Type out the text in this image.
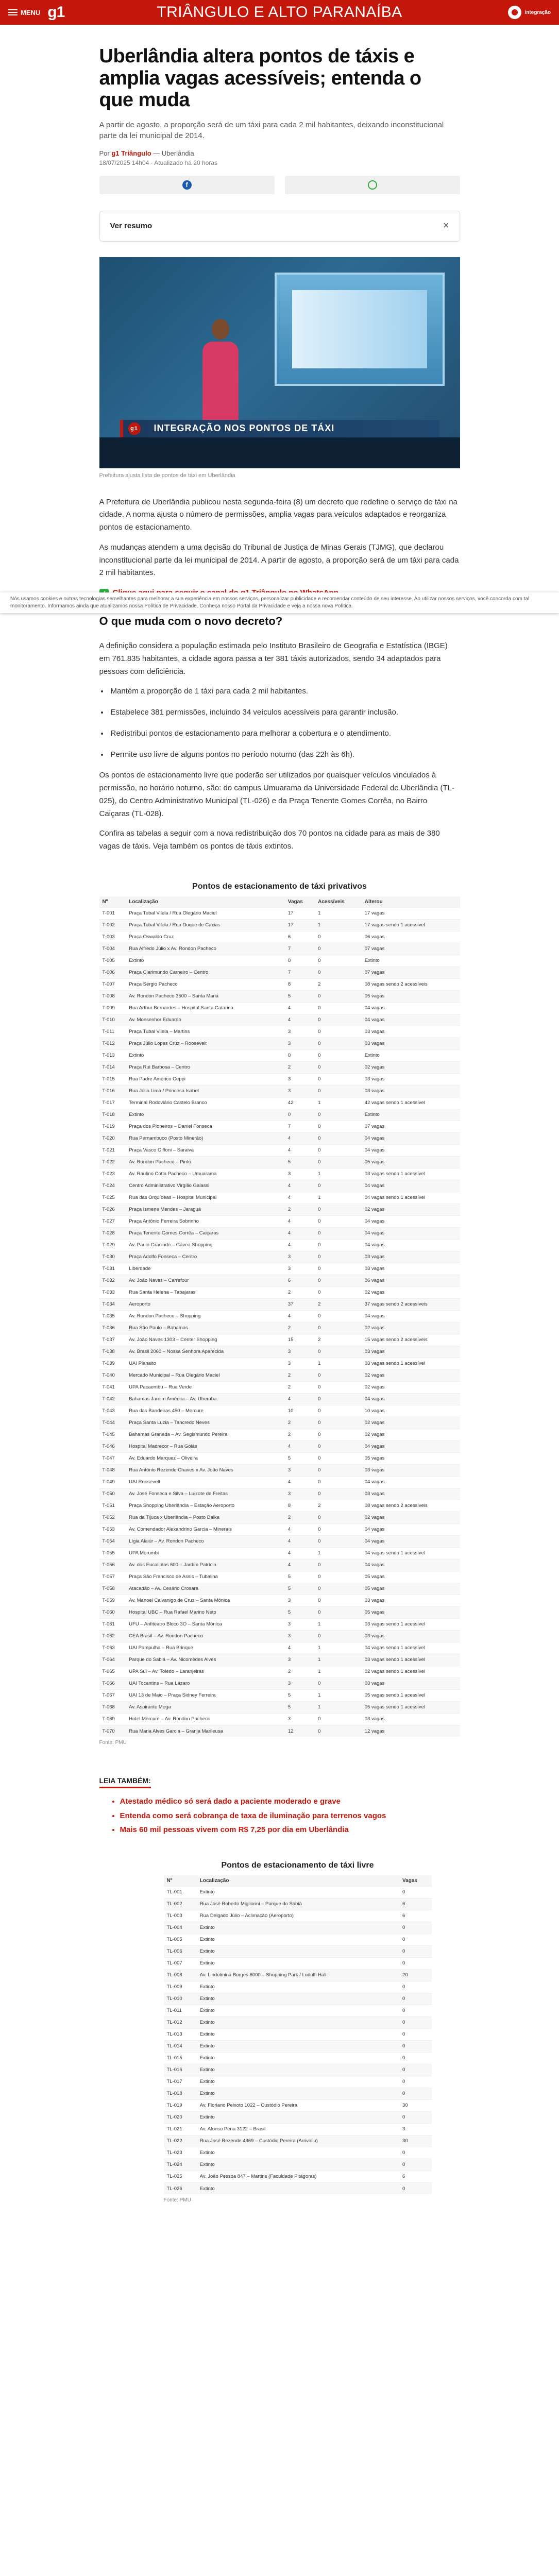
MENU g1	TRIÂNGULO E ALTO PARANAÍBA	integração
Nós usamos cookies e outras tecnologias semelhantes para melhorar a sua experiência em nossos serviços, personalizar publicidade e recomendar conteúdo de seu interesse. Ao utilizar nossos serviços, você concorda com tal monitoramento. Informamos ainda que atualizamos nossa Política de Privacidade. Conheça nosso Portal da Privacidade e veja a nossa nova Política.
Uberlândia altera pontos de táxis e amplia vagas acessíveis; entenda o que muda

A partir de agosto, a proporção será de um táxi para cada 2 mil habitantes, deixando inconstitucional parte da lei municipal de 2014.

Por g1 Triângulo — Uberlândia
18/07/2025 14h04 · Atualizado há 20 horas
f
Ver resumo	×
g1 INTEGRAÇÃO NOS PONTOS DE TÁXI
Prefeitura ajusta lista de pontos de táxi em Uberlândia

A Prefeitura de Uberlândia publicou nesta segunda-feira (8) um decreto que redefine o serviço de táxi na cidade. A norma ajusta o número de permissões, amplia vagas para veículos adaptados e reorganiza pontos de estacionamento.

As mudanças atendem a uma decisão do Tribunal de Justiça de Minas Gerais (TJMG), que declarou inconstitucional parte da lei municipal de 2014. A partir de agosto, a proporção será de um táxi para cada 2 mil habitantes.

O que muda com o novo decreto?

A definição considera a população estimada pelo Instituto Brasileiro de Geografia e Estatística (IBGE) em 761.835 habitantes, a cidade agora passa a ter 381 táxis autorizados, sendo 34 adaptados para pessoas com deficiência.

• Mantém a proporção de 1 táxi para cada 2 mil habitantes.
• Estabelece 381 permissões, incluindo 34 veículos acessíveis para garantir inclusão.
• Redistribui pontos de estacionamento para melhorar a cobertura e o atendimento.
• Permite uso livre de alguns pontos no período noturno (das 22h às 6h).

Os pontos de estacionamento livre que poderão ser utilizados por quaisquer veículos vinculados à permissão, no horário noturno, são: do campus Umuarama da Universidade Federal de Uberlândia (TL-025), do Centro Administrativo Municipal (TL-026) e da Praça Tenente Gomes Corrêa, no Bairro Caiçaras (TL-028).

Confira as tabelas a seguir com a nova redistribuição dos 70 pontos na cidade para as mais de 380 vagas de táxis. Veja também os pontos de táxis extintos.

Pontos de estacionamento de táxi privativos
Nº	Localização	Vagas	Acessíveis	Alterou
T-001	Praça Tubal Vilela / Rua Olegário Maciel	17	1	17 vagas
T-002	Praça Tubal Vilela / Rua Duque de Caxias	17	1	17 vagas sendo 1 acessível
T-003	Praça Oswaldo Cruz	6	0	06 vagas
T-004	Rua Alfredo Júlio x Av. Rondon Pacheco	7	0	07 vagas
T-005	Extinto	0	0	Extinto
T-006	Praça Clarimundo Carneiro – Centro	7	0	07 vagas
T-007	Praça Sérgio Pacheco	8	2	08 vagas sendo 2 acessíveis
T-008	Av. Rondon Pacheco 3500 – Santa Maria	5	0	05 vagas
T-009	Rua Arthur Bernardes – Hospital Santa Catarina	4	0	04 vagas
T-010	Av. Monsenhor Eduardo	4	0	04 vagas
T-011	Praça Tubal Vilela – Martins	3	0	03 vagas
T-012	Praça Júlio Lopes Cruz – Roosevelt	3	0	03 vagas
T-013	Extinto	0	0	Extinto
T-014	Praça Rui Barbosa – Centro	2	0	02 vagas
T-015	Rua Padre Américo Ceppi	3	0	03 vagas
T-016	Rua Júlio Lima / Princesa Isabel	3	0	03 vagas
T-017	Terminal Rodoviário Castelo Branco	42	1	42 vagas sendo 1 acessível
T-018	Extinto	0	0	Extinto
T-019	Praça dos Pioneiros – Daniel Fonseca	7	0	07 vagas
T-020	Rua Pernambuco (Posto Minerão)	4	0	04 vagas
T-021	Praça Vasco Giffoni – Saraiva	4	0	04 vagas
T-022	Av. Rondon Pacheco – Pinto	5	0	05 vagas
T-023	Av. Raulino Cotta Pacheco – Umuarama	3	1	03 vagas sendo 1 acessível
T-024	Centro Administrativo Virgílio Galassi	4	0	04 vagas
T-025	Rua das Orquídeas – Hospital Municipal	4	1	04 vagas sendo 1 acessível
T-026	Praça Ismene Mendes – Jaraguá	2	0	02 vagas
T-027	Praça Antônio Ferreira Sobrinho	4	0	04 vagas
T-028	Praça Tenente Gomes Corrêa – Caiçaras	4	0	04 vagas
T-029	Av. Paulo Gracindo – Gávea Shopping	4	0	04 vagas
T-030	Praça Adolfo Fonseca – Centro	3	0	03 vagas
T-031	Liberdade	3	0	03 vagas
T-032	Av. João Naves – Carrefour	6	0	06 vagas
T-033	Rua Santa Helena – Tabajaras	2	0	02 vagas
T-034	Aeroporto	37	2	37 vagas sendo 2 acessíveis
T-035	Av. Rondon Pacheco – Shopping	4	0	04 vagas
T-036	Rua São Paulo – Bahamas	2	0	02 vagas
T-037	Av. João Naves 1303 – Center Shopping	15	2	15 vagas sendo 2 acessíveis
T-038	Av. Brasil 2060 – Nossa Senhora Aparecida	3	0	03 vagas
T-039	UAI Planalto	3	1	03 vagas sendo 1 acessível
T-040	Mercado Municipal – Rua Olegário Maciel	2	0	02 vagas
T-041	UPA Pacaembu – Rua Verde	2	0	02 vagas
T-042	Bahamas Jardim América – Av. Uberaba	4	0	04 vagas
T-043	Rua das Bandeiras 450 – Mercure	10	0	10 vagas
T-044	Praça Santa Luzia – Tancredo Neves	2	0	02 vagas
T-045	Bahamas Granada – Av. Segismundo Pereira	2	0	02 vagas
T-046	Hospital Madrecor – Rua Goiás	4	0	04 vagas
T-047	Av. Eduardo Marquez – Oliveira	5	0	05 vagas
T-048	Rua Antônio Rezende Chaves x Av. João Naves	3	0	03 vagas
T-049	UAI Roosevelt	4	0	04 vagas
T-050	Av. José Fonseca e Silva – Luizote de Freitas	3	0	03 vagas
T-051	Praça Shopping Uberlândia – Estação Aeroporto	8	2	08 vagas sendo 2 acessíveis
T-052	Rua da Tijuca x Uberlândia – Posto Dalka	2	0	02 vagas
T-053	Av. Comendador Alexandrino Garcia – Minerais	4	0	04 vagas
T-054	Lígia Alaiúr – Av. Rondon Pacheco	4	0	04 vagas
T-055	UPA Morumbi	4	1	04 vagas sendo 1 acessível
T-056	Av. dos Eucaliptos 600 – Jardim Patrícia	4	0	04 vagas
T-057	Praça São Francisco de Assis – Tubalina	5	0	05 vagas
T-058	Atacadão – Av. Cesário Crosara	5	0	05 vagas
T-059	Av. Manoel Calvanigo de Cruz – Santa Mônica	3	0	03 vagas
T-060	Hospital UBC – Rua Rafael Marino Neto	5	0	05 vagas
T-061	UFU – Anfiteatro Bloco 3O – Santa Mônica	3	1	03 vagas sendo 1 acessível
T-062	CEA Brasil – Av. Rondon Pacheco	3	0	03 vagas
T-063	UAI Pampulha – Rua Brinque	4	1	04 vagas sendo 1 acessível
T-064	Parque do Sabiá – Av. Nicomedes Alves	3	1	03 vagas sendo 1 acessível
T-065	UPA Sul – Av. Toledo – Laranjeiras	2	1	02 vagas sendo 1 acessível
T-066	UAI Tocantins – Rua Lázaro	3	0	03 vagas
T-067	UAI 13 de Maio – Praça Sidney Ferreira	5	1	05 vagas sendo 1 acessível
T-068	Av. Aspirante Mega	5	1	05 vagas sendo 1 acessível
T-069	Hotel Mercure – Av. Rondon Pacheco	3	0	03 vagas
T-070	Rua Maria Alves Garcia – Granja Marileusa	12	0	12 vagas
Fonte: PMU
LEIA TAMBÉM:
• Atestado médico só será dado a paciente moderado e grave
• Entenda como será cobrança de taxa de iluminação para terrenos vagos
• Mais 60 mil pessoas vivem com R$ 7,25 por dia em Uberlândia
Pontos de estacionamento de táxi livre
Nº	Localização	Vagas
TL-001	Extinto	0
TL-002	Rua José Roberto Migliorini – Parque do Sabiá	6
TL-003	Rua Delgado Júlio – Aclimação (Aeroporto)	6
TL-004	Extinto	0
TL-005	Extinto	0
TL-006	Extinto	0
TL-007	Extinto	0
TL-008	Av. Lindolmina Borges 6000 – Shopping Park / Ludolfi Hall	20
TL-009	Extinto	0
TL-010	Extinto	0
TL-011	Extinto	0
TL-012	Extinto	0
TL-013	Extinto	0
TL-014	Extinto	0
TL-015	Extinto	0
TL-016	Extinto	0
TL-017	Extinto	0
TL-018	Extinto	0
TL-019	Av. Floriano Peixoto 1022 – Custódio Pereira	30
TL-020	Extinto	0
TL-021	Av. Afonso Pena 3122 – Brasil	3
TL-022	Rua José Rezende 4369 – Custódio Pereira (Arrivallu)	30
TL-023	Extinto	0
TL-024	Extinto	0
TL-025	Av. João Pessoa 847 – Martins (Faculdade Pitágoras)	6
TL-026	Extinto	0
Fonte: PMU
